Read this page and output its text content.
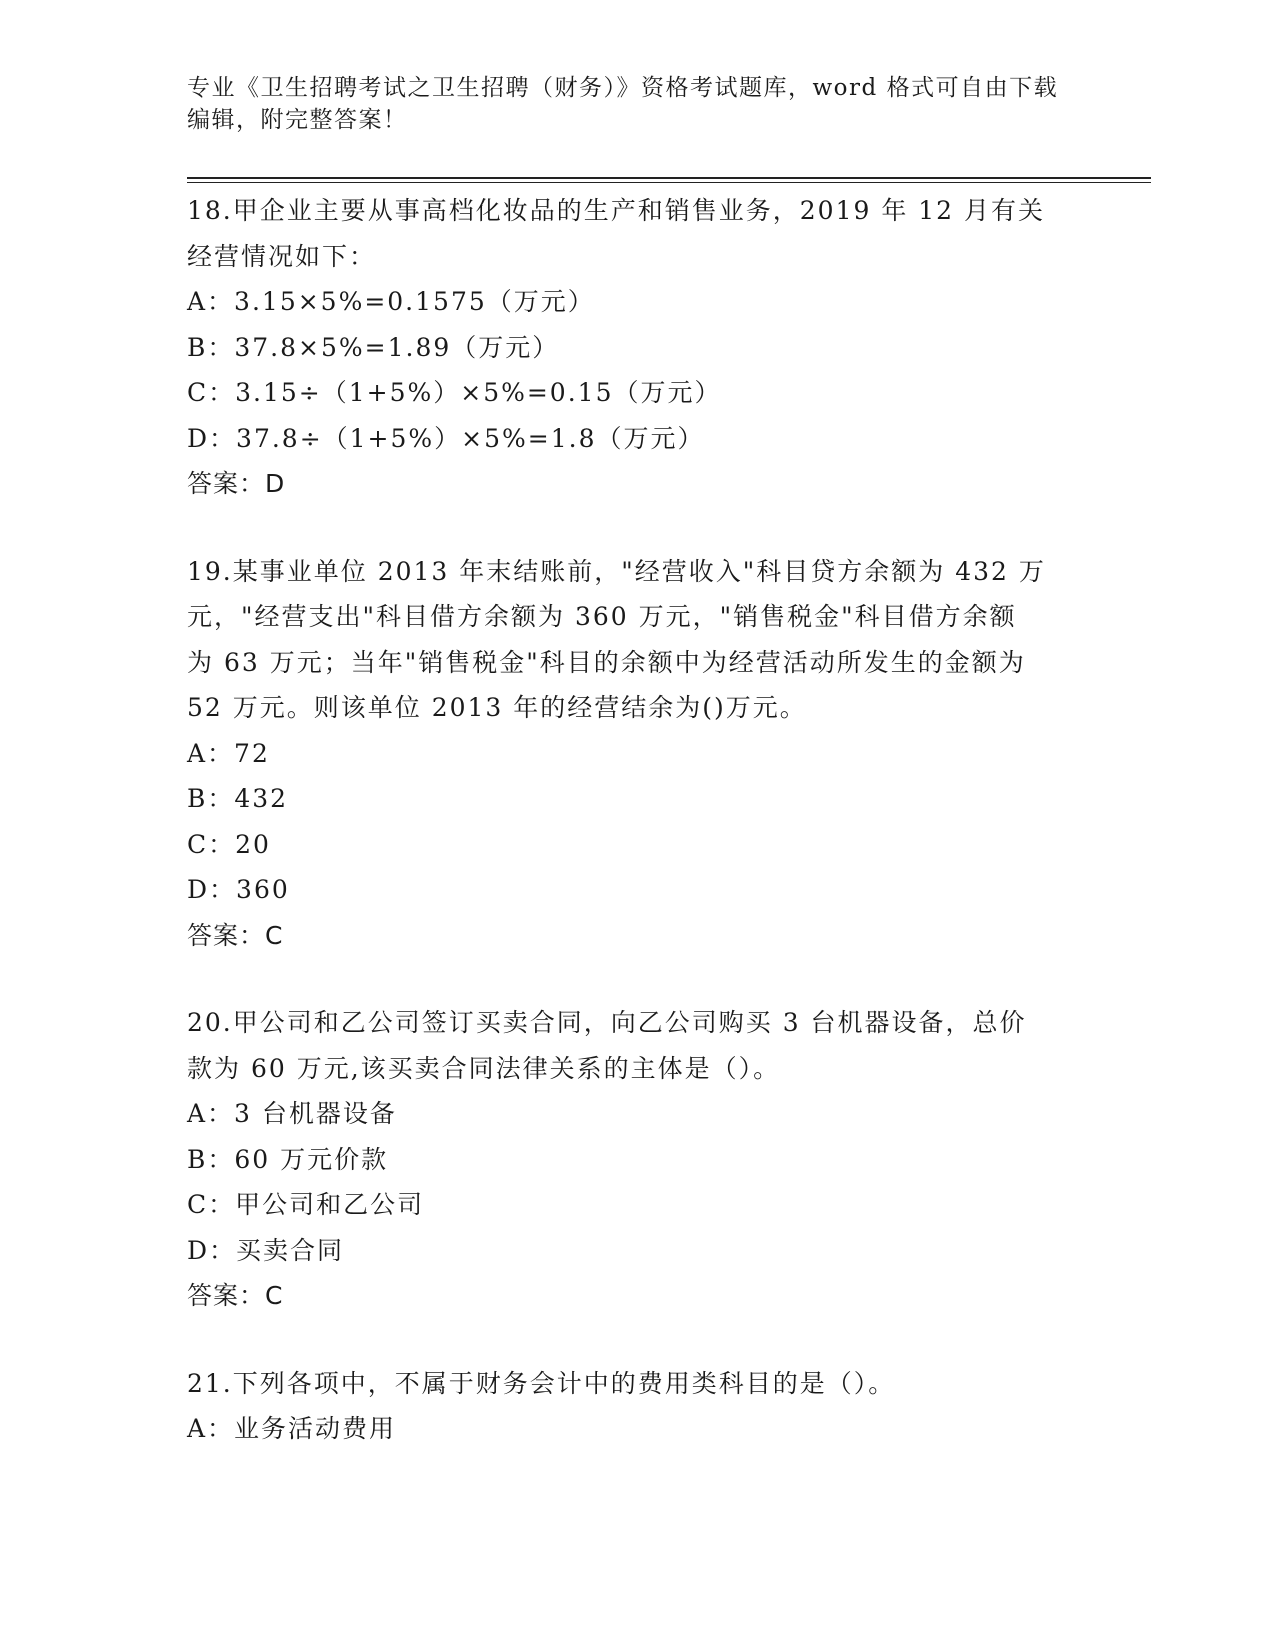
专业《卫生招聘考试之卫生招聘（财务）》资格考试题库，word 格式可自由下载
编辑，附完整答案！
18.甲企业主要从事高档化妆品的生产和销售业务，2019 年 12 月有关
经营情况如下：
A：3.15×5%=0.1575（万元）
B：37.8×5%=1.89（万元）
C：3.15÷（1+5%）×5%=0.15（万元）
D：37.8÷（1+5%）×5%=1.8（万元）
答案：D
19.某事业单位 2013 年末结账前，"经营收入"科目贷方余额为 432 万
元，"经营支出"科目借方余额为 360 万元，"销售税金"科目借方余额
为 63 万元；当年"销售税金"科目的余额中为经营活动所发生的金额为
52 万元。则该单位 2013 年的经营结余为()万元。
A：72
B：432
C：20
D：360
答案：C
20.甲公司和乙公司签订买卖合同，向乙公司购买 3 台机器设备，总价
款为 60 万元,该买卖合同法律关系的主体是（）。
A：3 台机器设备
B：60 万元价款
C：甲公司和乙公司
D：买卖合同
答案：C
21.下列各项中，不属于财务会计中的费用类科目的是（）。
A：业务活动费用
